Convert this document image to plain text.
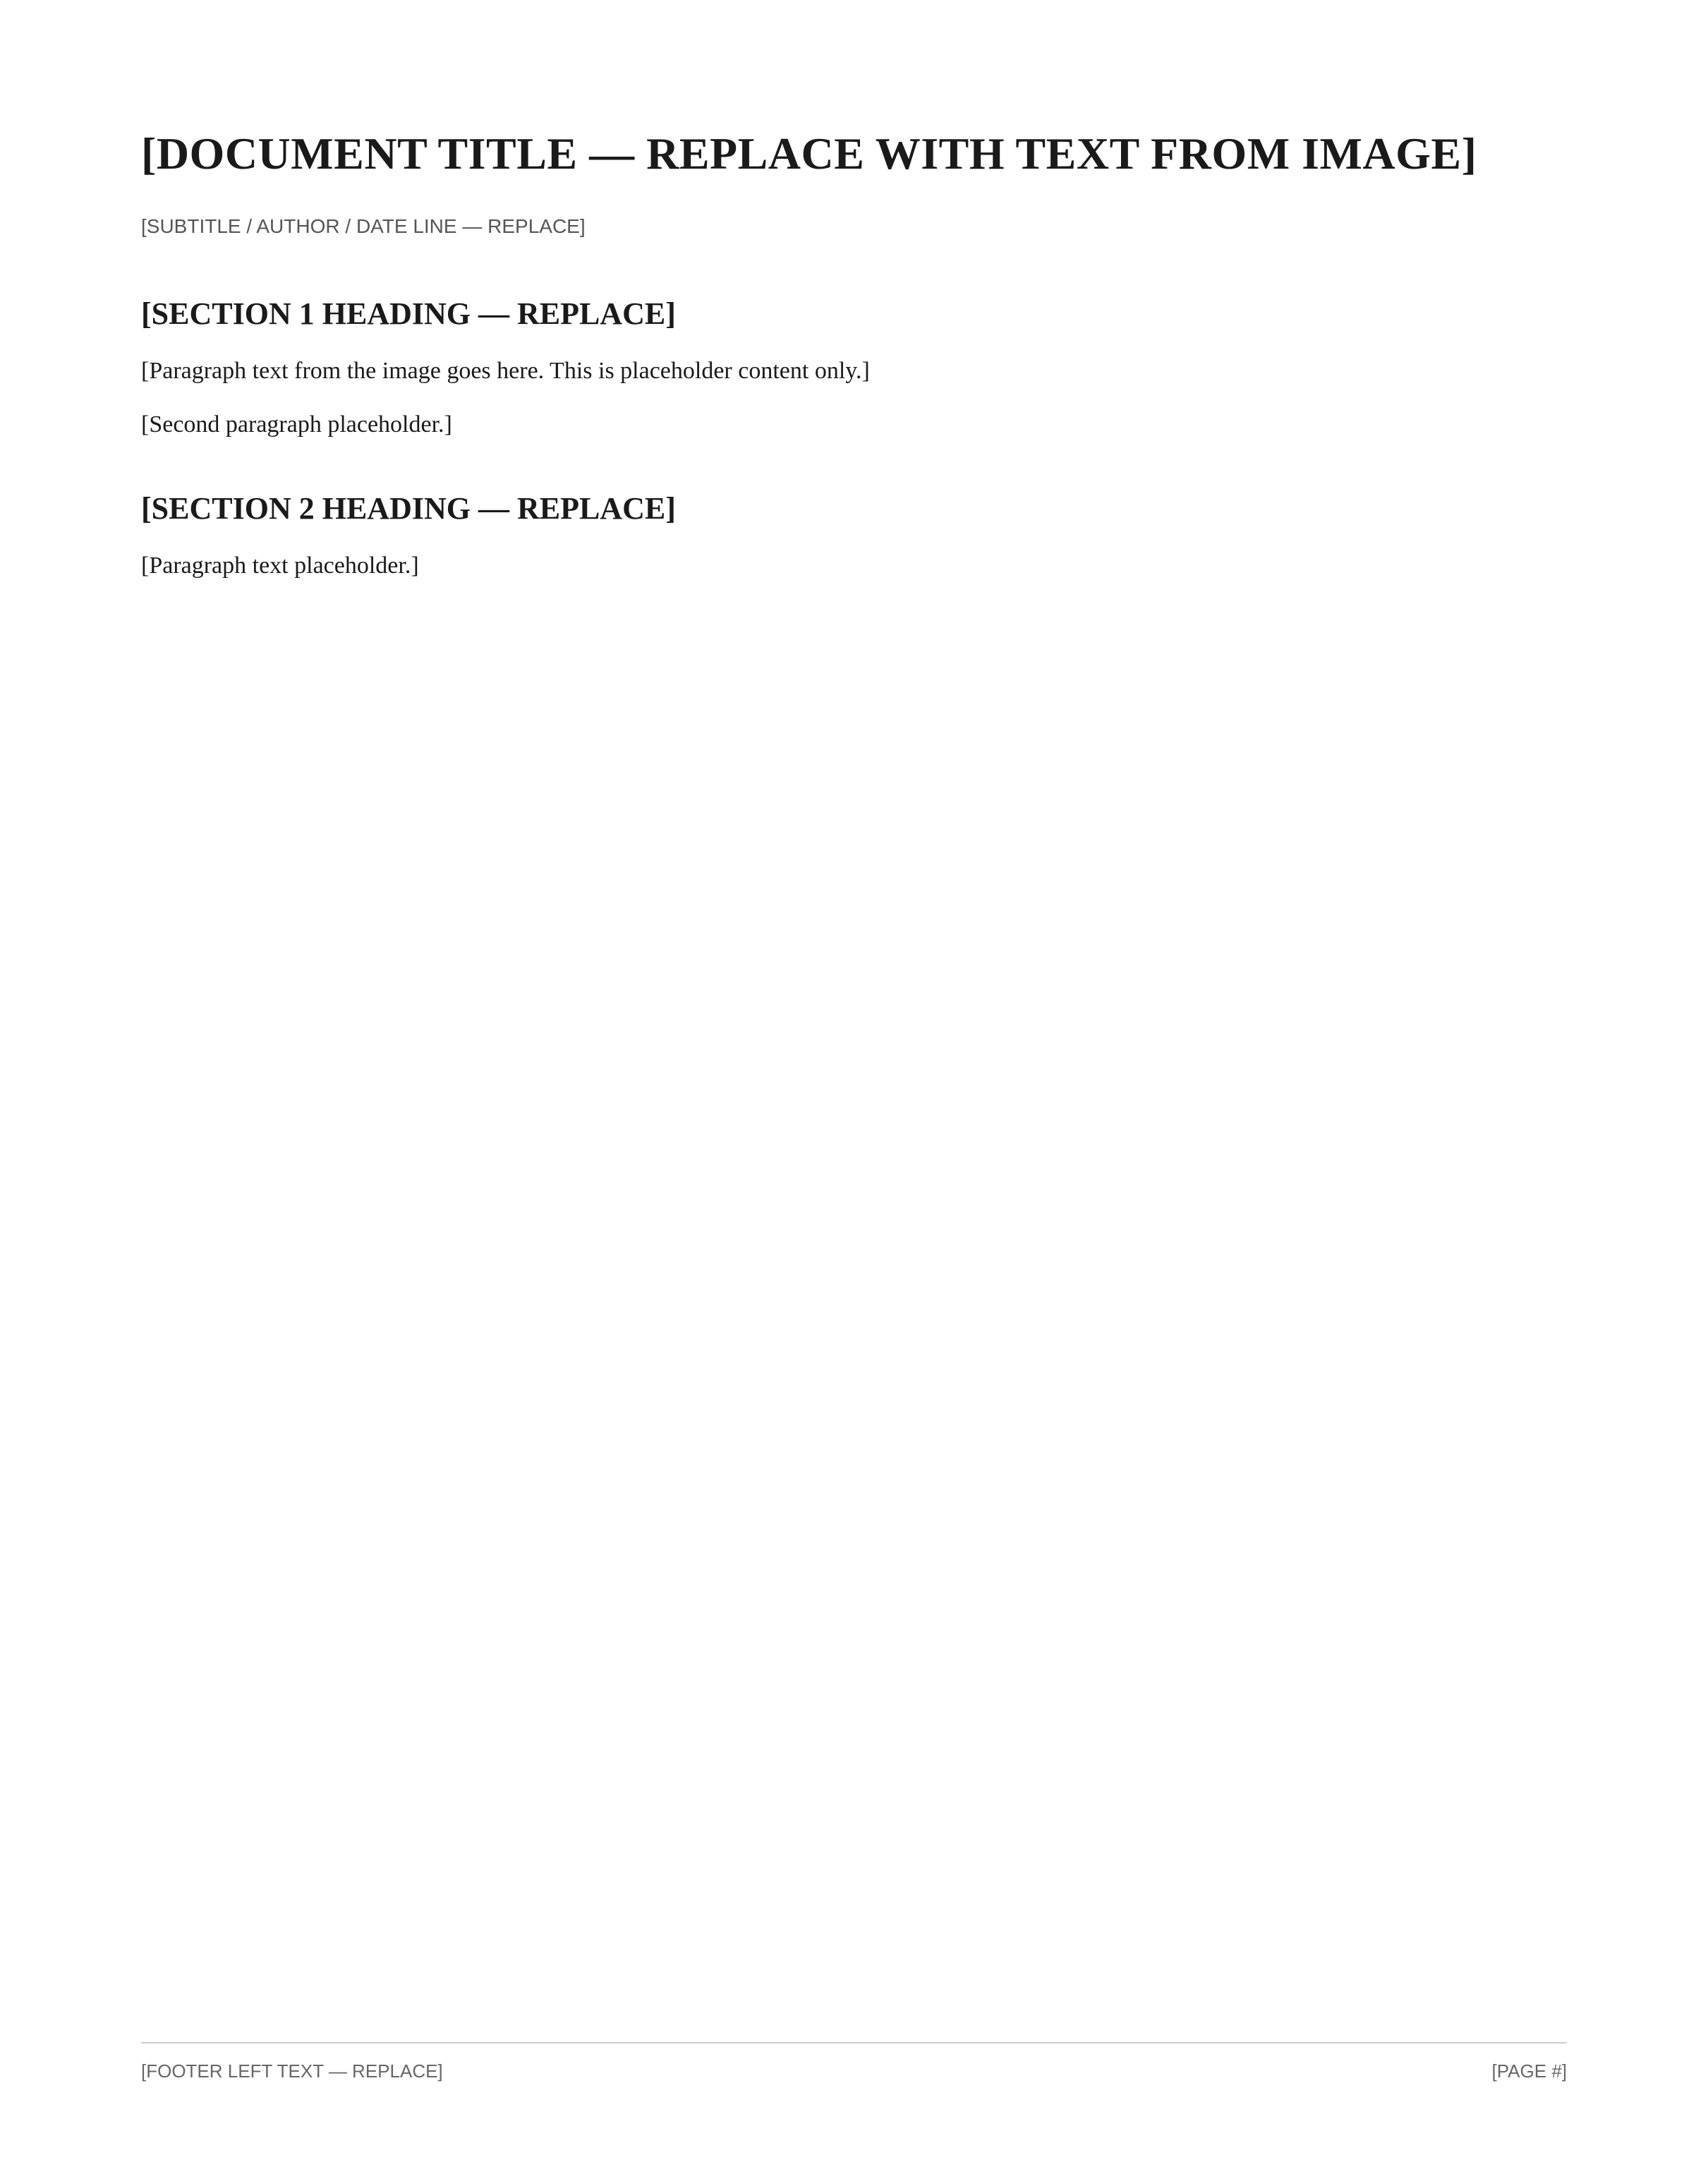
[DOCUMENT TITLE — REPLACE WITH TEXT FROM IMAGE]
[SUBTITLE / AUTHOR / DATE LINE — REPLACE]
[SECTION 1 HEADING — REPLACE]

[Paragraph text from the image goes here. This is placeholder content only.]

[Second paragraph placeholder.]

[SECTION 2 HEADING — REPLACE]

[Paragraph text placeholder.]

[FOOTER LEFT TEXT — REPLACE]	[PAGE #]
